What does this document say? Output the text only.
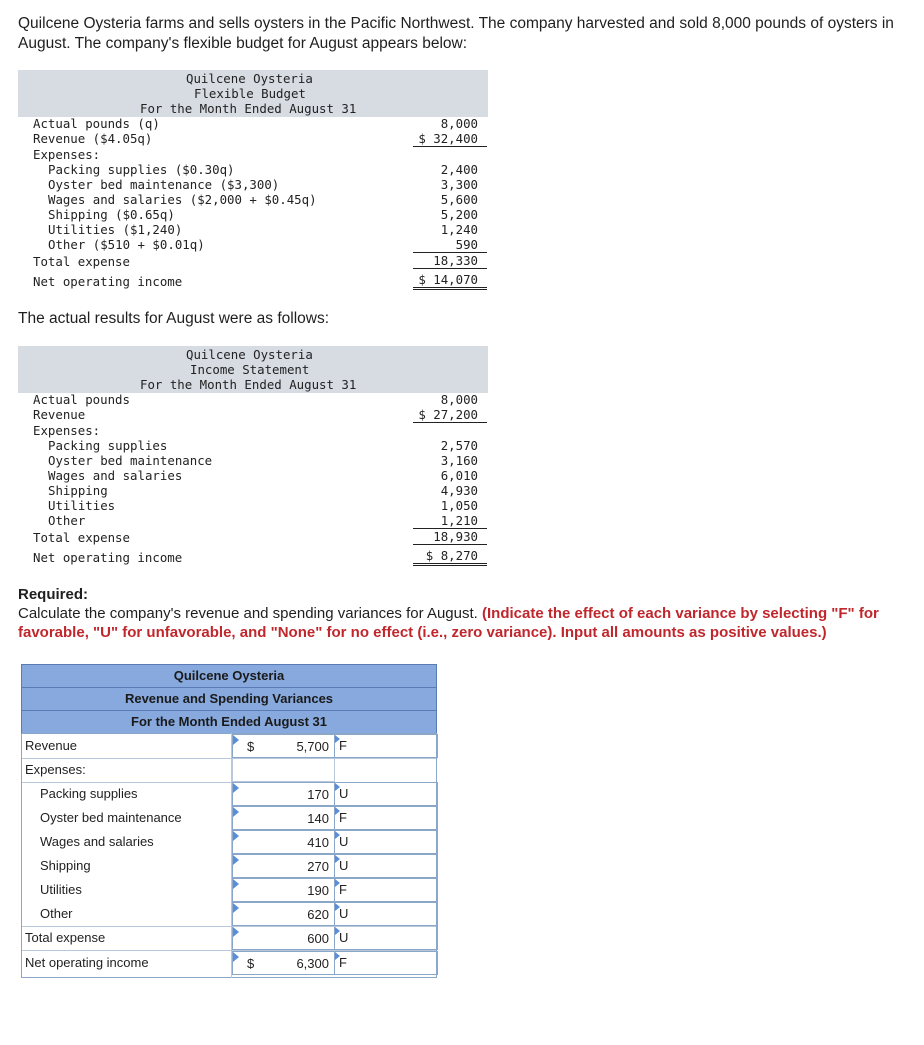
Quilcene Oysteria farms and sells oysters in the Pacific Northwest. The company harvested and sold 8,000 pounds of oysters in August. The company's flexible budget for August appears below:
Quilcene Oysteria
Flexible Budget
For the Month Ended August 31
Actual pounds (q)	8,000
Revenue ($4.05q)	$ 32,400
Expenses:
Packing supplies ($0.30q)	2,400
Oyster bed maintenance ($3,300)	3,300
Wages and salaries ($2,000 + $0.45q)	5,600
Shipping ($0.65q)	5,200
Utilities ($1,240)	1,240
Other ($510 + $0.01q)	590
Total expense	18,330
Net operating income	$ 14,070
The actual results for August were as follows:
Quilcene Oysteria
Income Statement
For the Month Ended August 31
Actual pounds	8,000
Revenue	$ 27,200
Expenses:
Packing supplies	2,570
Oyster bed maintenance	3,160
Wages and salaries	6,010
Shipping	4,930
Utilities	1,050
Other	1,210
Total expense	18,930
Net operating income	$ 8,270
Required:
Calculate the company's revenue and spending variances for August. (Indicate the effect of each variance by selecting "F" for favorable, "U" for unfavorable, and "None" for no effect (i.e., zero variance). Input all amounts as positive values.)
Quilcene Oysteria
Revenue and Spending Variances
For the Month Ended August 31
Revenue	$	5,700 F
Expenses:
Packing supplies	170 U
Oyster bed maintenance	140 F
Wages and salaries	410 U
Shipping	270 U
Utilities	190 F
Other	620 U
Total expense	600 U
Net operating income	$	6,300 F
